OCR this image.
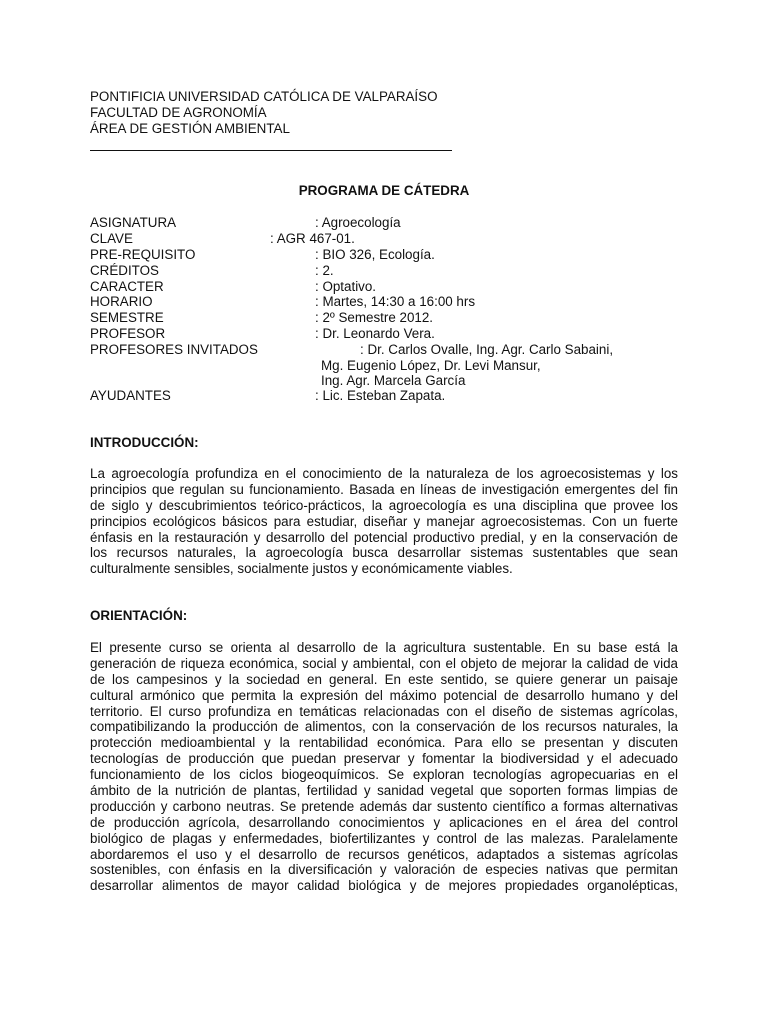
PONTIFICIA UNIVERSIDAD CATÓLICA DE VALPARAÍSO
FACULTAD DE AGRONOMÍA
ÁREA DE GESTIÓN AMBIENTAL
PROGRAMA DE CÁTEDRA
ASIGNATURA	: Agroecología
CLAVE	: AGR 467-01.
PRE-REQUISITO	: BIO 326, Ecología.
CRÉDITOS	: 2.
CARACTER	: Optativo.
HORARIO	: Martes, 14:30 a 16:00 hrs
SEMESTRE	: 2º Semestre 2012.
PROFESOR	: Dr. Leonardo Vera.
PROFESORES INVITADOS	: Dr. Carlos Ovalle, Ing. Agr. Carlo Sabaini,
Mg. Eugenio López, Dr. Levi Mansur,
Ing. Agr. Marcela García
AYUDANTES	: Lic. Esteban Zapata.
INTRODUCCIÓN:
La agroecología profundiza en el conocimiento de la naturaleza de los agroecosistemas y los
principios que regulan su funcionamiento. Basada en líneas de investigación emergentes del fin
de siglo y descubrimientos teórico-prácticos, la agroecología es una disciplina que provee los
principios ecológicos básicos para estudiar, diseñar y manejar agroecosistemas. Con un fuerte
énfasis en la restauración y desarrollo del potencial productivo predial, y en la conservación de
los recursos naturales, la agroecología busca desarrollar sistemas sustentables que sean
culturalmente sensibles, socialmente justos y económicamente viables.
ORIENTACIÓN:
El presente curso se orienta al desarrollo de la agricultura sustentable. En su base está la
generación de riqueza económica, social y ambiental, con el objeto de mejorar la calidad de vida
de los campesinos y la sociedad en general. En este sentido, se quiere generar un paisaje
cultural armónico que permita la expresión del máximo potencial de desarrollo humano y del
territorio. El curso profundiza en temáticas relacionadas con el diseño de sistemas agrícolas,
compatibilizando la producción de alimentos, con la conservación de los recursos naturales, la
protección medioambiental y la rentabilidad económica. Para ello se presentan y discuten
tecnologías de producción que puedan preservar y fomentar la biodiversidad y el adecuado
funcionamiento de los ciclos biogeoquímicos. Se exploran tecnologías agropecuarias en el
ámbito de la nutrición de plantas, fertilidad y sanidad vegetal que soporten formas limpias de
producción y carbono neutras. Se pretende además dar sustento científico a formas alternativas
de producción agrícola, desarrollando conocimientos y aplicaciones en el área del control
biológico de plagas y enfermedades, biofertilizantes y control de las malezas. Paralelamente
abordaremos el uso y el desarrollo de recursos genéticos, adaptados a sistemas agrícolas
sostenibles, con énfasis en la diversificación y valoración de especies nativas que permitan
desarrollar alimentos de mayor calidad biológica y de mejores propiedades organolépticas,
